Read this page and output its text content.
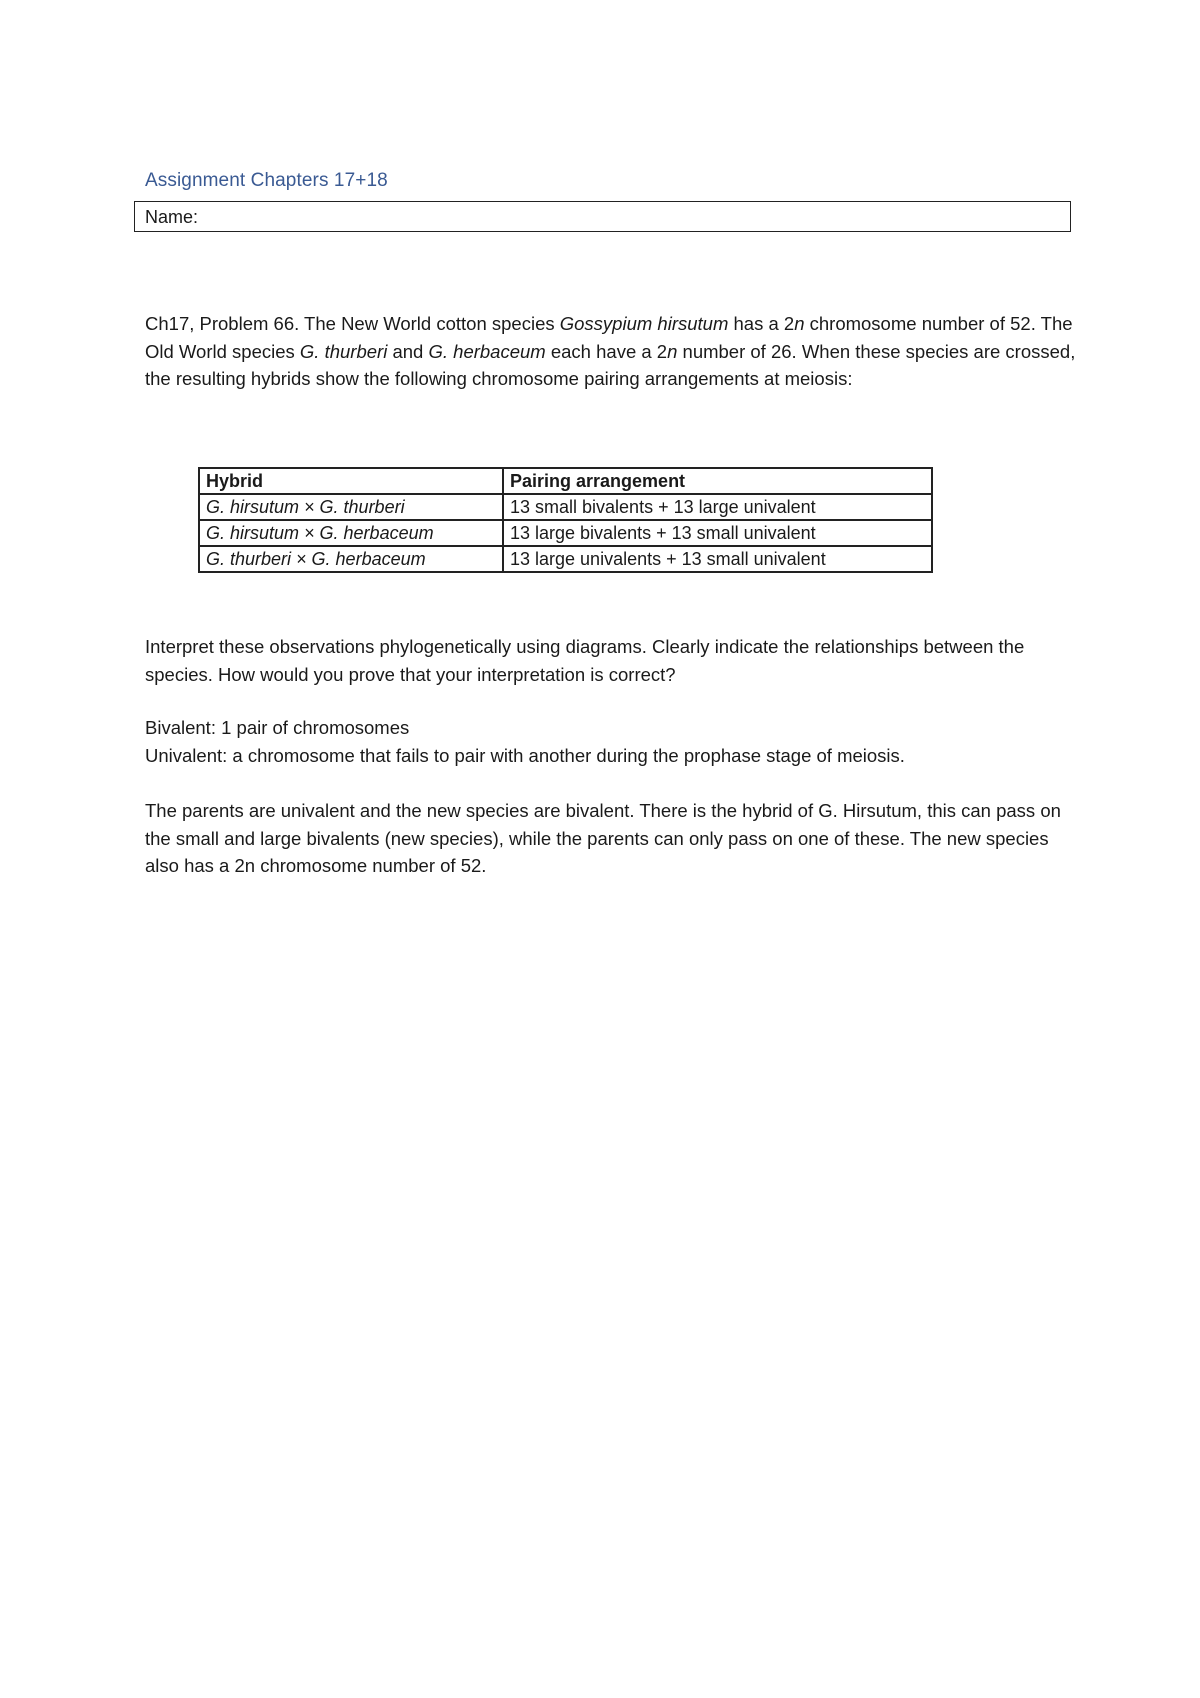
Assignment Chapters 17+18
Name:

Ch17, Problem 66. The New World cotton species Gossypium hirsutum has a 2n chromosome number of 52. The Old World species G. thurberi and G. herbaceum each have a 2n number of 26. When these species are crossed, the resulting hybrids show the following chromosome pairing arrangements at meiosis:

Hybrid	Pairing arrangement
G. hirsutum × G. thurberi	13 small bivalents + 13 large univalent
G. hirsutum × G. herbaceum	13 large bivalents + 13 small univalent
G. thurberi × G. herbaceum	13 large univalents + 13 small univalent

Interpret these observations phylogenetically using diagrams. Clearly indicate the relationships between the species. How would you prove that your interpretation is correct?

Bivalent: 1 pair of chromosomes
Univalent: a chromosome that fails to pair with another during the prophase stage of meiosis.

The parents are univalent and the new species are bivalent. There is the hybrid of G. Hirsutum, this can pass on the small and large bivalents (new species), while the parents can only pass on one of these. The new species also has a 2n chromosome number of 52.
